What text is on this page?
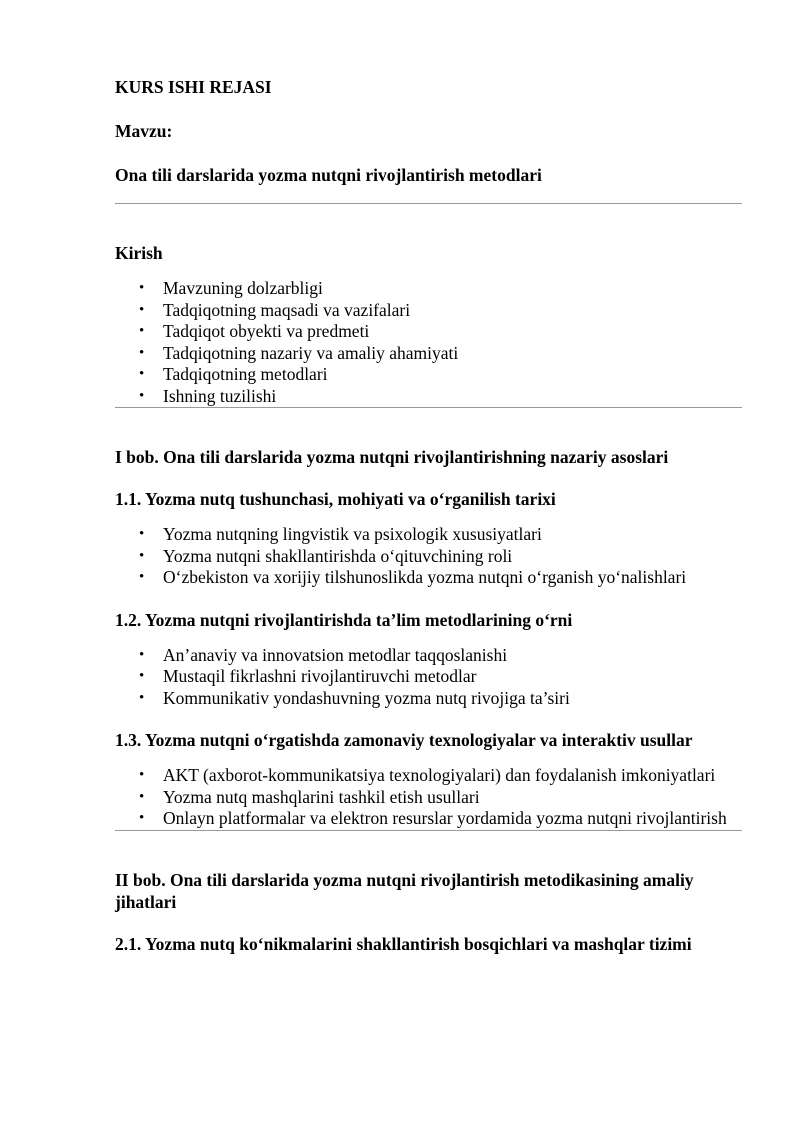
KURS ISHI REJASI

Mavzu:

Ona tili darslarida yozma nutqni rivojlantirish metodlari

Kirish

• Mavzuning dolzarbligi
• Tadqiqotning maqsadi va vazifalari
• Tadqiqot obyekti va predmeti
• Tadqiqotning nazariy va amaliy ahamiyati
• Tadqiqotning metodlari
• Ishning tuzilishi

I bob. Ona tili darslarida yozma nutqni rivojlantirishning nazariy asoslari

1.1. Yozma nutq tushunchasi, mohiyati va o‘rganilish tarixi

• Yozma nutqning lingvistik va psixologik xususiyatlari
• Yozma nutqni shakllantirishda o‘qituvchining roli
• O‘zbekiston va xorijiy tilshunoslikda yozma nutqni o‘rganish yo‘nalishlari

1.2. Yozma nutqni rivojlantirishda ta’lim metodlarining o‘rni

• An’anaviy va innovatsion metodlar taqqoslanishi
• Mustaqil fikrlashni rivojlantiruvchi metodlar
• Kommunikativ yondashuvning yozma nutq rivojiga ta’siri

1.3. Yozma nutqni o‘rgatishda zamonaviy texnologiyalar va interaktiv usullar

• AKT (axborot-kommunikatsiya texnologiyalari) dan foydalanish imkoniyatlari
• Yozma nutq mashqlarini tashkil etish usullari
• Onlayn platformalar va elektron resurslar yordamida yozma nutqni rivojlantirish

II bob. Ona tili darslarida yozma nutqni rivojlantirish metodikasining amaliy jihatlari

2.1. Yozma nutq ko‘nikmalarini shakllantirish bosqichlari va mashqlar tizimi
